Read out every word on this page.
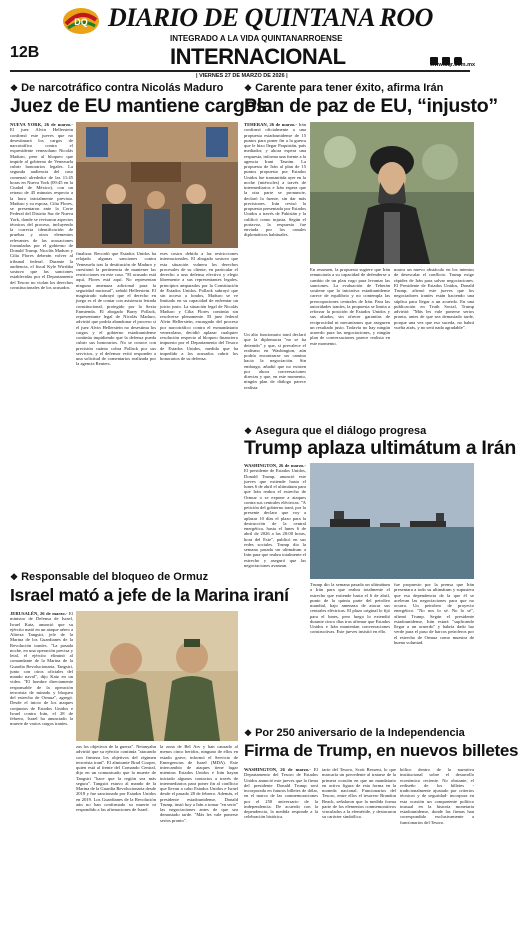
12B
DQ DIARIO DE QUINTANA ROO
INTEGRADO A LA VIDA QUINTANARROENSE
INTERNACIONAL
	www.dqr.com.mx
| VIERNES 27 DE MARZO DE 2026 |
❖ De narcotráfico contra Nicolás Maduro
Juez de EU mantiene cargos

NUEVA YORK, 26 de marzo.- El juez Alvin Hellerstein confirmó este jueves que no desestimará los cargos de narcotráfico contra el expresidente venezolano Nicolás Maduro, pese al bloqueo que impide al gobierno de Venezuela cubrir honorarios legales. La segunda audiencia del caso comenzó alrededor de las 11:45 horas en Nueva York (09:45 en la Ciudad de México), con un retraso de 45 minutos respecto a la hora inicialmente prevista. Maduro y su esposa, Cilia Flores, se presentaron ante la Corte Federal del Distrito Sur de Nueva York, donde se revisaron aspectos técnicos del proceso, incluyendo la correcta identificación de pruebas y otros elementos relevantes de las acusaciones formuladas por el gobierno de Donald Trump. Nicolás Maduro y Cilia Flores deberán volver al tribunal federal. Durante la audiencia, el fiscal Kyle Wirshba sostuvo que las sanciones establecidas por el Departamento del Tesoro no violan los derechos constitucionales de los acusados.

finalizar. Recordó que Estados Unidos ha relajado algunas sanciones contra Venezuela tras la destitución de Maduro y cuestionó la pertinencia de mantener las restricciones en este caso. "El acusado está aquí, Flores está aquí. No representan ninguna amenaza adicional para la seguridad nacional", señaló Hellerstein. El magistrado subrayó que el derecho en juego es el de contar con asistencia letrada constitucional, protegido por la Sexta Enmienda. El abogado Barry Pollack, representante legal de Nicolás Maduro, advirtió que podría abandonar el proceso si el juez Alvin Hellerstein no desestima los cargos y el gobierno estadounidense continúa impidiendo que la defensa pueda cubrir sus honorarios. No se conoce con precisión cuánto cobra Pollack por sus servicios, y el defensor evitó responder a una solicitud de comentarios realizada por la agencia Reuters.

eses costos debido a las restricciones internacionales. El abogado sostuvo que esta situación vulnera los derechos procesales de su cliente, en particular el derecho a una defensa efectiva y elegir libremente a sus representantes legales, principios amparados por la Constitución de Estados Unidos. Pollack subrayó que sin acceso a fondos, Maduro se ve limitado en su capacidad de enfrentar un juicio justo. La situación legal de Nicolás Maduro y Cilia Flores continúa sin resolverse plenamente. El juez federal Alvin Hellerstein, encargado del proceso por narcotráfico contra el exmandatario venezolano, decidió aplazar cualquier resolución respecto al bloqueo financiero impuesto por el Departamento del Tesoro de Estados Unidos, medida que ha impedido a los acusados cubrir los honorarios de su defensa.

❖ Carente para tener éxito, afirma Irán
Plan de paz de EU, “injusto”

TEHERAN, 26 de marzo.- Irán confirmó oficialmente a una propuesta estadounidense de 15 puntos para poner fin a la guerra que le hizo llegar Paquistán, país mediador, y ahora espera una respuesta, informa una fuente a la agencia Irani Tasnim. La propuesta de Irán al plan de 15 puntos propuesto por Estados Unidos fue transmitida ayer en la noche (miércoles) a través de intermediarios e Irán espera que la otra parte se pronuncie, declaró la fuente, sin dar más precisiones. Irán revisó la propuesta presentada por Estados Unidos a través de Pakistán y la calificó como injusta. Según el portavoz, la respuesta fue enviada por los canales diplomáticos habituales.

Un alto funcionario iraní declaró que la diplomacia "no se ha detenido" y que, si prevalece el realismo en Washington, aún podría encontrarse un camino hacia la negociación. Sin embargo, añadió que no existen por ahora conversaciones directas y que, en este momento, ningún plan de diálogo parece realista.

En resumen, la propuesta sugiere que Irán renunciaría a su capacidad de defenderse a cambio de un plan vago para levantar las sanciones. La evaluación de Teherán sostiene que la iniciativa estadounidense carece de equilibrio y no contempla las preocupaciones centrales de Irán. Para las autoridades iraníes, la propuesta se limita a reforzar la posición de Estados Unidos y sus aliados, sin ofrecer garantías de reciprocidad ni mecanismos que aseguren un resultado justo. Todavía no hay ningún acuerdo para las negociaciones, y ningún plan de conversaciones parece realista en este momento.

marca un nuevo obstáculo en los intentos de desescalar el conflicto. Trump exige rápidez de Irán para salvar negociaciones. El Presidente de Estados Unidos, Donald Trump, afirmó este jueves que los negociadores iraníes están haciendo una súplica para llegar a un acuerdo. En una publicación en Truth Social, Trump advirtió: "Más les vale ponerse serios pronto, antes de que sea demasiado tarde, porque una vez que eso suceda, no habrá vuelta atrás, y no será nada agradable".

❖ Asegura que el diálogo progresa
Trump aplaza ultimátum a Irán

WASHINGTON, 26 de marzo.- El presidente de Estados Unidos, Donald Trump, anunció este jueves que extiende hasta el lunes 6 de abril el ultimátum para que Irán reabra el estrecho de Ormuz o se expone a ataques contra sus centrales eléctricas. "A petición del gobierno iraní, por la presente declaro que voy a aplazar 10 días el plazo para la destrucción de la central energética, hasta el lunes 6 de abril de 2026 a las 20:00 horas, hora del Este", publicó en sus redes sociales. Trump dio la semana pasada un ultimátum a Irán para que reabra totalmente el estrecho y aseguró que las negociaciones avanzan.

Trump dio la semana pasada un ultimátum a Irán para que reabra totalmente el estrecho que extiende hasta el 6 de abril, punto de la quinta parte del petróleo mundial, bajo amenaza de atacar sus centrales eléctricas. El plazo original lo fijó para el lunes, pero luego lo extendió durante cinco días tras afirmar que Estados Unidos e Irán mantenían conversaciones constructivas. Este jueves insistió en ello.

fue propuesto por la prensa que Irán presentara a todo su ultimátum y supusiera que esa dependencia de la que él se aceleran las negociaciones para que no ocurra. Un petrolero de proyecto energético. "No nos lo sé. No lo sé", afirmó Trump. Según el presidente estadounidense, Irán estará "suplicando llegar a un acuerdo" y habría dado luz verde para el paso de barcos petroleros por el estrecho de Ormuz como muestra de buena voluntad.

❖ Responsable del bloqueo de Ormuz
Israel mató a jefe de la Marina iraní

JERUSALÉN, 26 de marzo.- El ministro de Defensa de Israel, Israel Katz, anunció que su ejército mató en un ataque aéreo a Alireza Tangsiri, jefe de la Marina de los Guardianes de la Revolución iraníes. "La pasada noche, en una operación precisa y letal, el ejército eliminó al comandante de la Marina de la Guardia Revolucionaria, Tangsiri, junto con otros oficiales del mando naval", dijo Katz en un video. "El hombre directamente responsable de la operación terrorista de minado y bloqueo del estrecho de Ormuz", agregó. Desde el inicio de los ataques conjuntos de Estados Unidos e Israel contra Irán, el 28 de febrero, Israel ha anunciado la muerte de varios cargos iraníes.

zas los objetivos de la guerra". Netanyahu advirtió que su ejército continúa "atacando con firmeza los objetivos del régimen terrorista iraní". El almirante Brad Cooper, quien está al frente del Comando Central, dijo en un comunicado que la muerte de Tangsiri "hace que la región sea más segura". Tangsiri estuvo al mando de la Marina de la Guardia Revolucionaria desde 2018 y fue sancionado por Estados Unidos en 2019. Los Guardianes de la Revolución aún no han confirmado su muerte ni respondido a las afirmaciones de Israel.

la zona de Bel Arv y han causado al menos cinco heridos, ninguno de ellos en estado grave, informó el Servicio de Emergencias de Israel (MDA). Este intercambio de ataques tiene lugar mientras Estados Unidos e Irán hayan iniciado algunos contactos a través de intermediarios para poner fin al conflicto que llevan a cabo Estados Unidos e Israel desde el pasado 28 de febrero. Además, el presidente estadounidense, Donald Trump, instó hoy a Irán a tomar "en serio" las negociaciones antes de que sea demasiado tarde. "Más les vale ponerse serios pronto".

❖ Por 250 aniversario de la Independencia
Firma de Trump, en nuevos billetes

WASHINGTON, 26 de marzo.- El Departamento del Tesoro de Estados Unidos anunció este jueves que la firma del presidente Donald Trump será incorporada en futuros billetes de dólar, en el marco de las conmemoraciones por el 250 aniversario de la independencia. De acuerdo con la dependencia, la medida responde a la celebración histórica.

tario del Tesoro, Scott Bessent, lo que marcaría un precedente al tratarse de la primera ocasión en que un mandatario en activo figura de esta forma en la moneda nacional. Funcionarios del Tesoro, entre ellos el tesorero Brandon Beach, señalaron que la medida forma parte de los elementos conmemorativos vinculados a la efeméride, y destacaron su carácter simbólico.

bólico dentro de la narrativa institucional sobre el desarrollo económico reciente. No obstante, el rediseño de los billetes -tradicionalmente ajustado por criterios técnicos y de seguridad- incorpora en esta ocasión un componente político inusual en la historia monetaria estadounidense, donde las firmas han correspondido exclusivamente a funcionarios del Tesoro.
